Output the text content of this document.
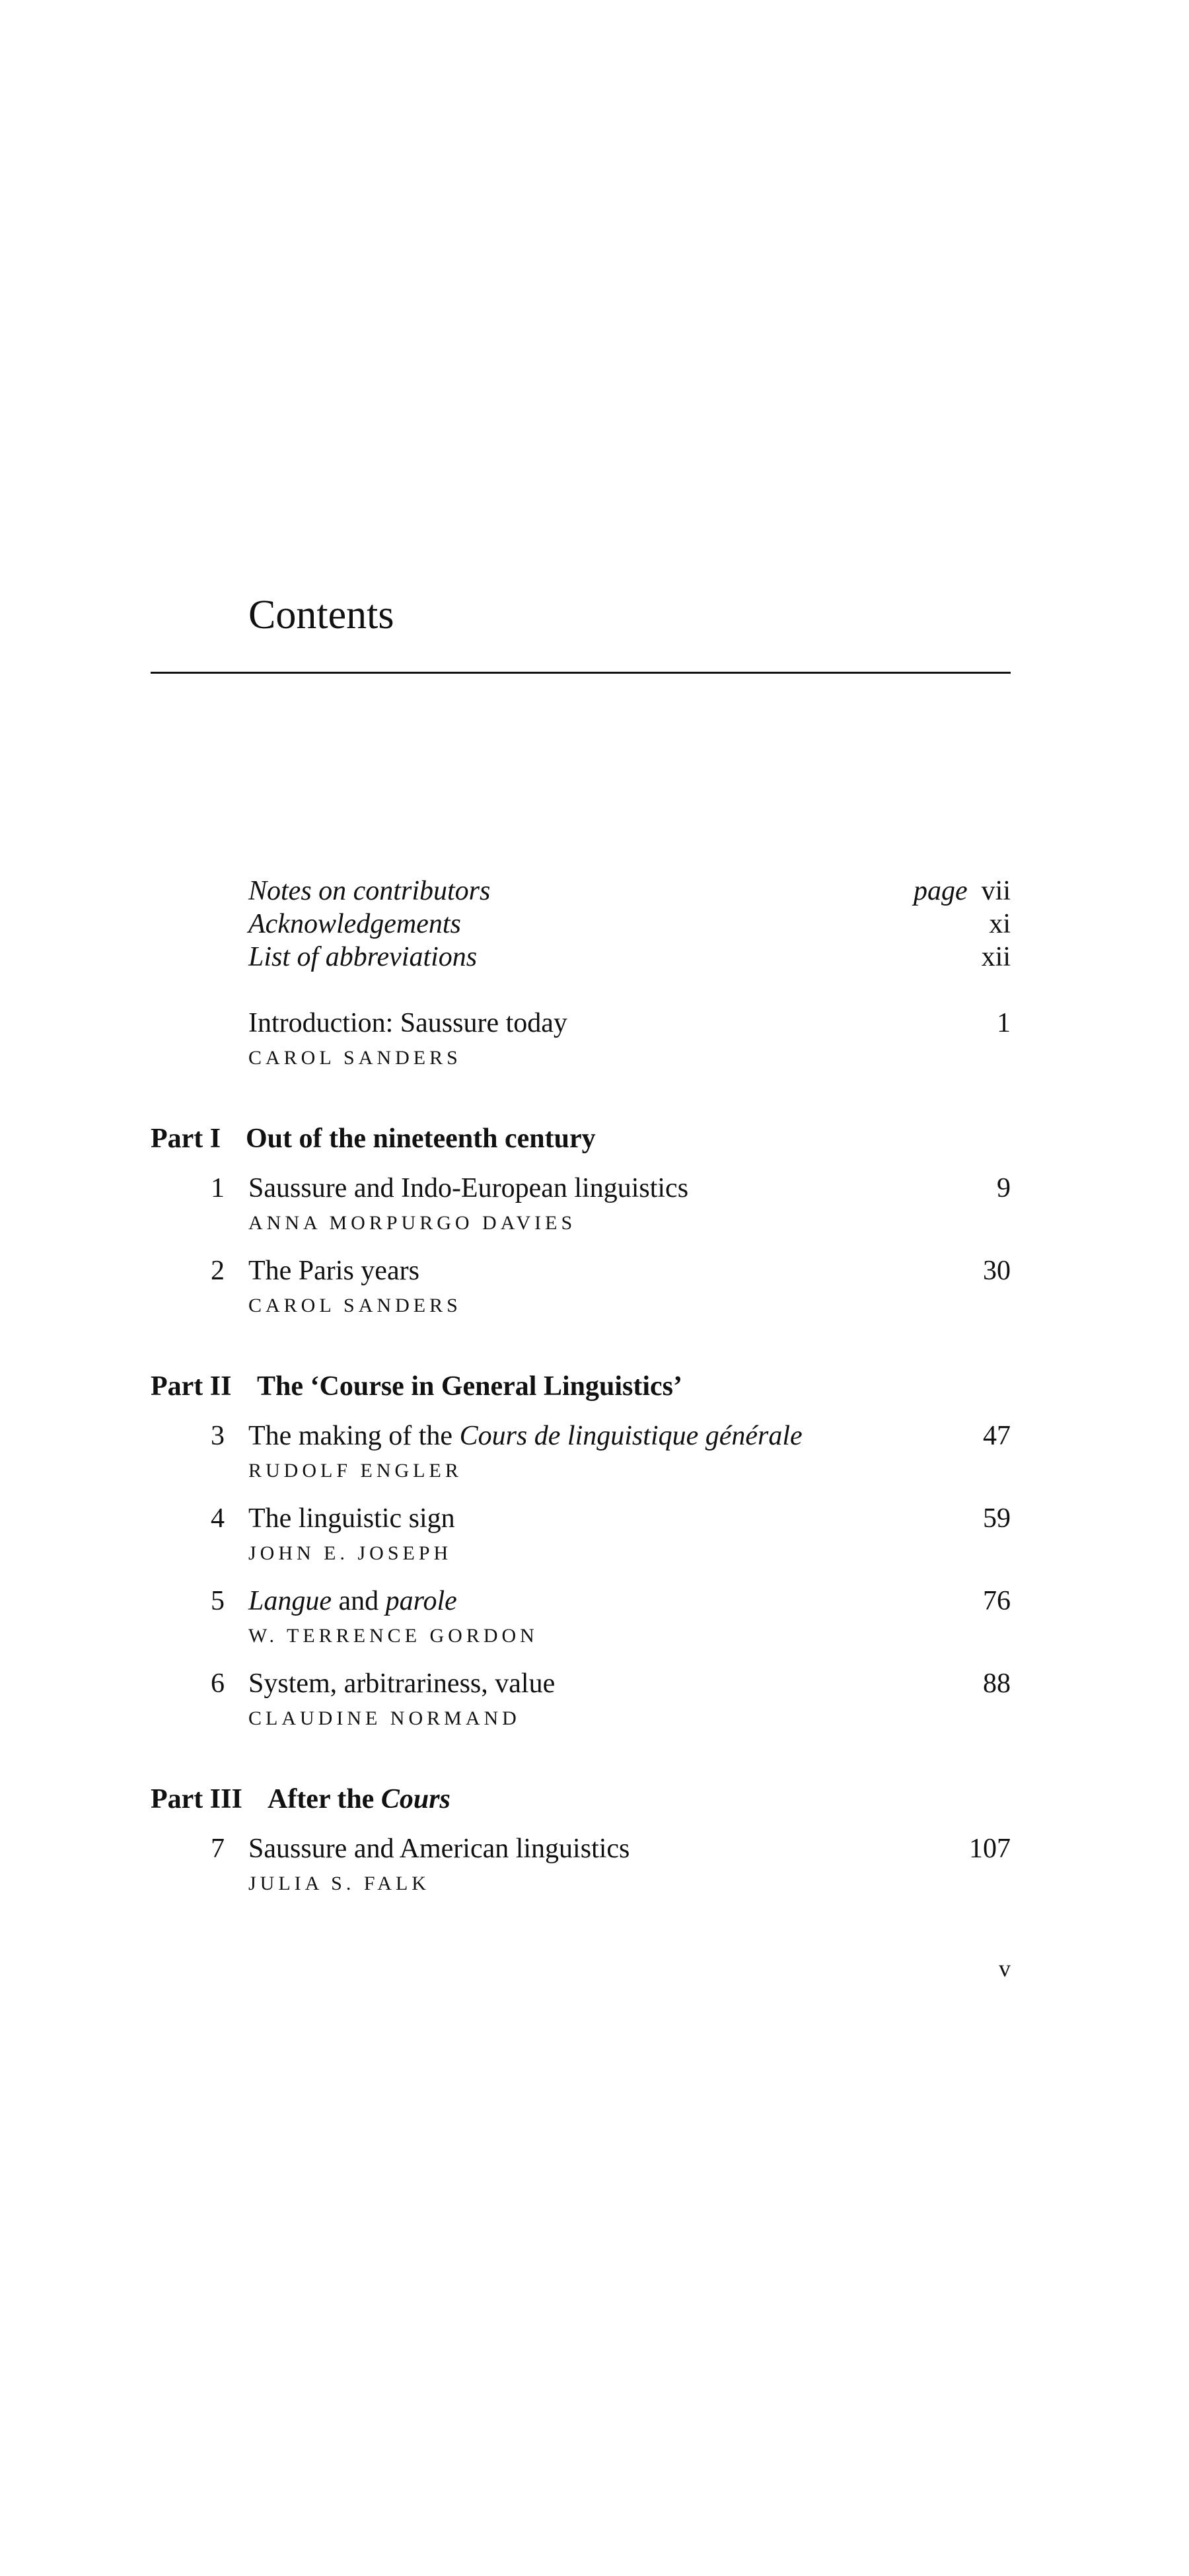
Contents
Notes on contributors	page vii
Acknowledgements	xi
List of abbreviations	xii
Introduction: Saussure today	1
CAROL SANDERS
Part I Out of the nineteenth century
1 Saussure and Indo-European linguistics	9
ANNA MORPURGO DAVIES
2 The Paris years	30
CAROL SANDERS
Part II The ‘Course in General Linguistics’
3 The making of the Cours de linguistique générale	47
RUDOLF ENGLER
4 The linguistic sign	59
JOHN E. JOSEPH
5 Langue and parole	76
W. TERRENCE GORDON
6 System, arbitrariness, value	88
CLAUDINE NORMAND
Part III After the Cours
7 Saussure and American linguistics	107
JULIA S. FALK
v
